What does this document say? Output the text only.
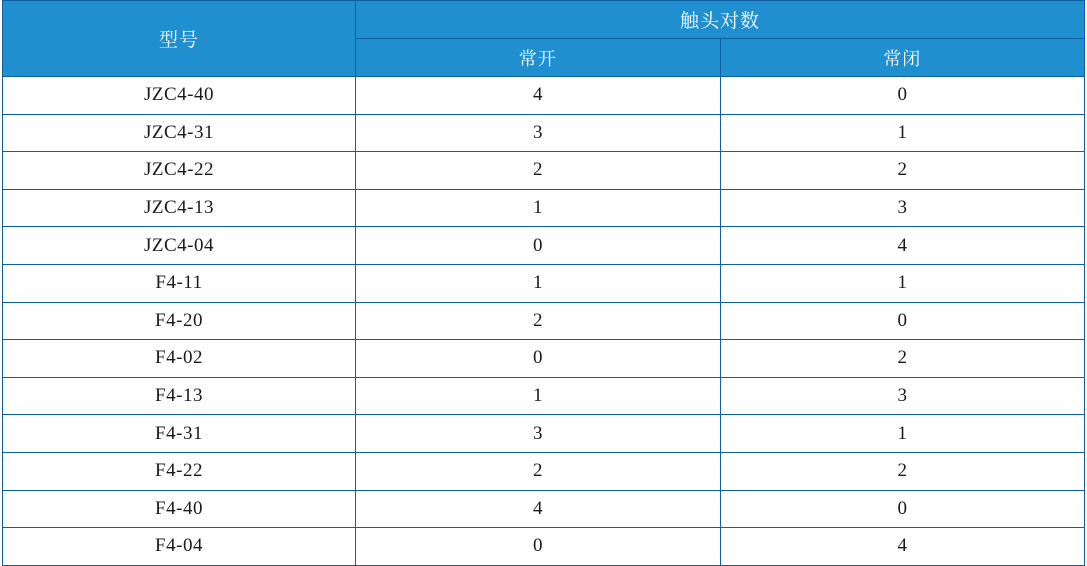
型号	触头对数	
	常开	常闭
JZC4-40	4	0
JZC4-31	3	1
JZC4-22	2	2
JZC4-13	1	3
JZC4-04	0	4
F4-11	1	1
F4-20	2	0
F4-02	0	2
F4-13	1	3
F4-31	3	1
F4-22	2	2
F4-40	4	0
F4-04	0	4
